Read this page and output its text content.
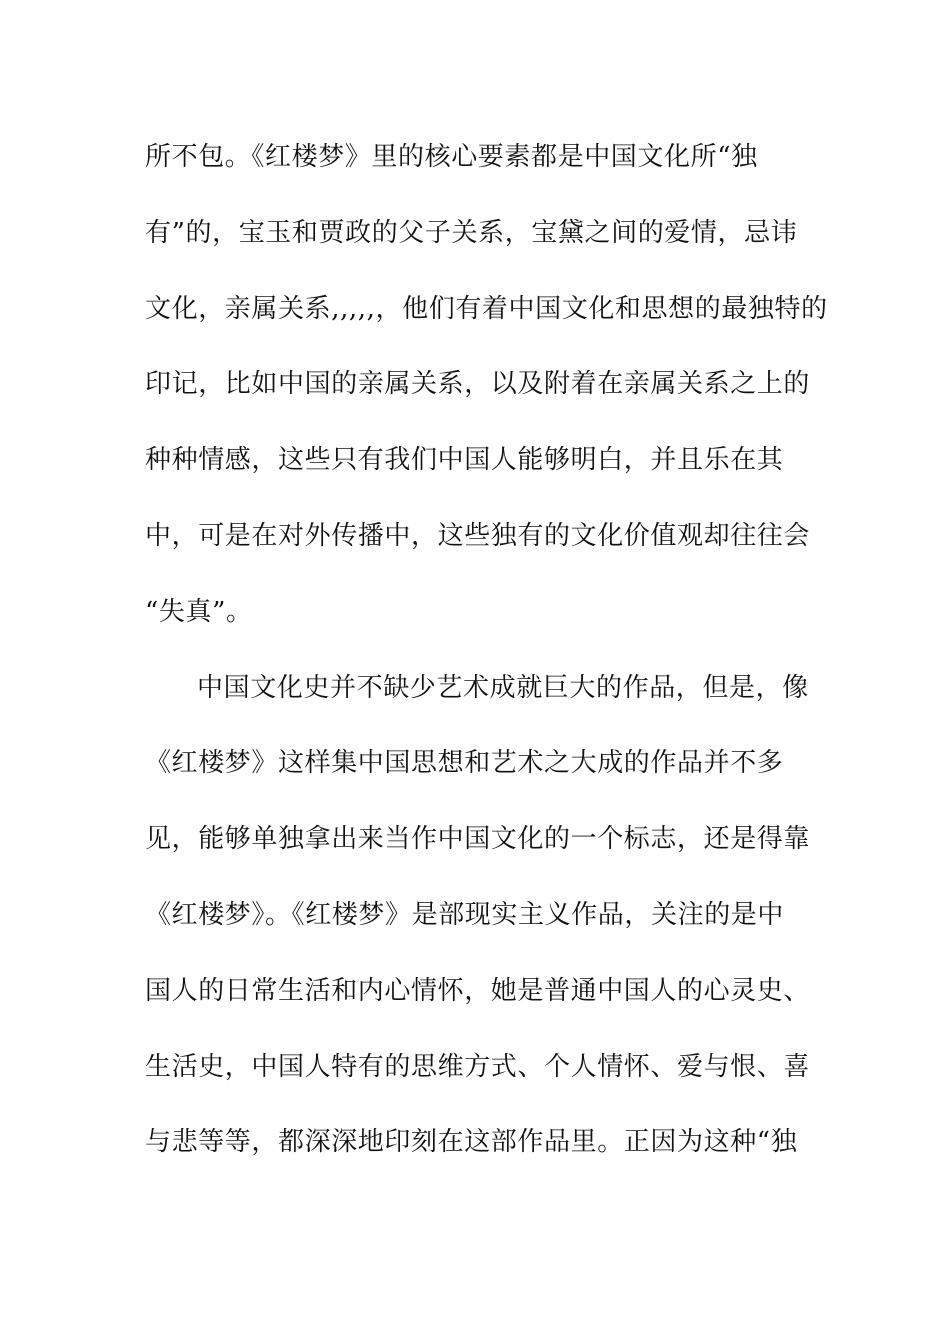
所不包。《红楼梦》里的核心要素都是中国文化所“独
有”的，宝玉和贾政的父子关系，宝黛之间的爱情，忌讳
文化，亲属关系,,,,,，他们有着中国文化和思想的最独特的
印记，比如中国的亲属关系，以及附着在亲属关系之上的
种种情感，这些只有我们中国人能够明白，并且乐在其
中，可是在对外传播中，这些独有的文化价值观却往往会
“失真”。
中国文化史并不缺少艺术成就巨大的作品，但是，像
《红楼梦》这样集中国思想和艺术之大成的作品并不多
见，能够单独拿出来当作中国文化的一个标志，还是得靠
《红楼梦》。《红楼梦》是部现实主义作品，关注的是中
国人的日常生活和内心情怀，她是普通中国人的心灵史、
生活史，中国人特有的思维方式、个人情怀、爱与恨、喜
与悲等等，都深深地印刻在这部作品里。正因为这种“独
